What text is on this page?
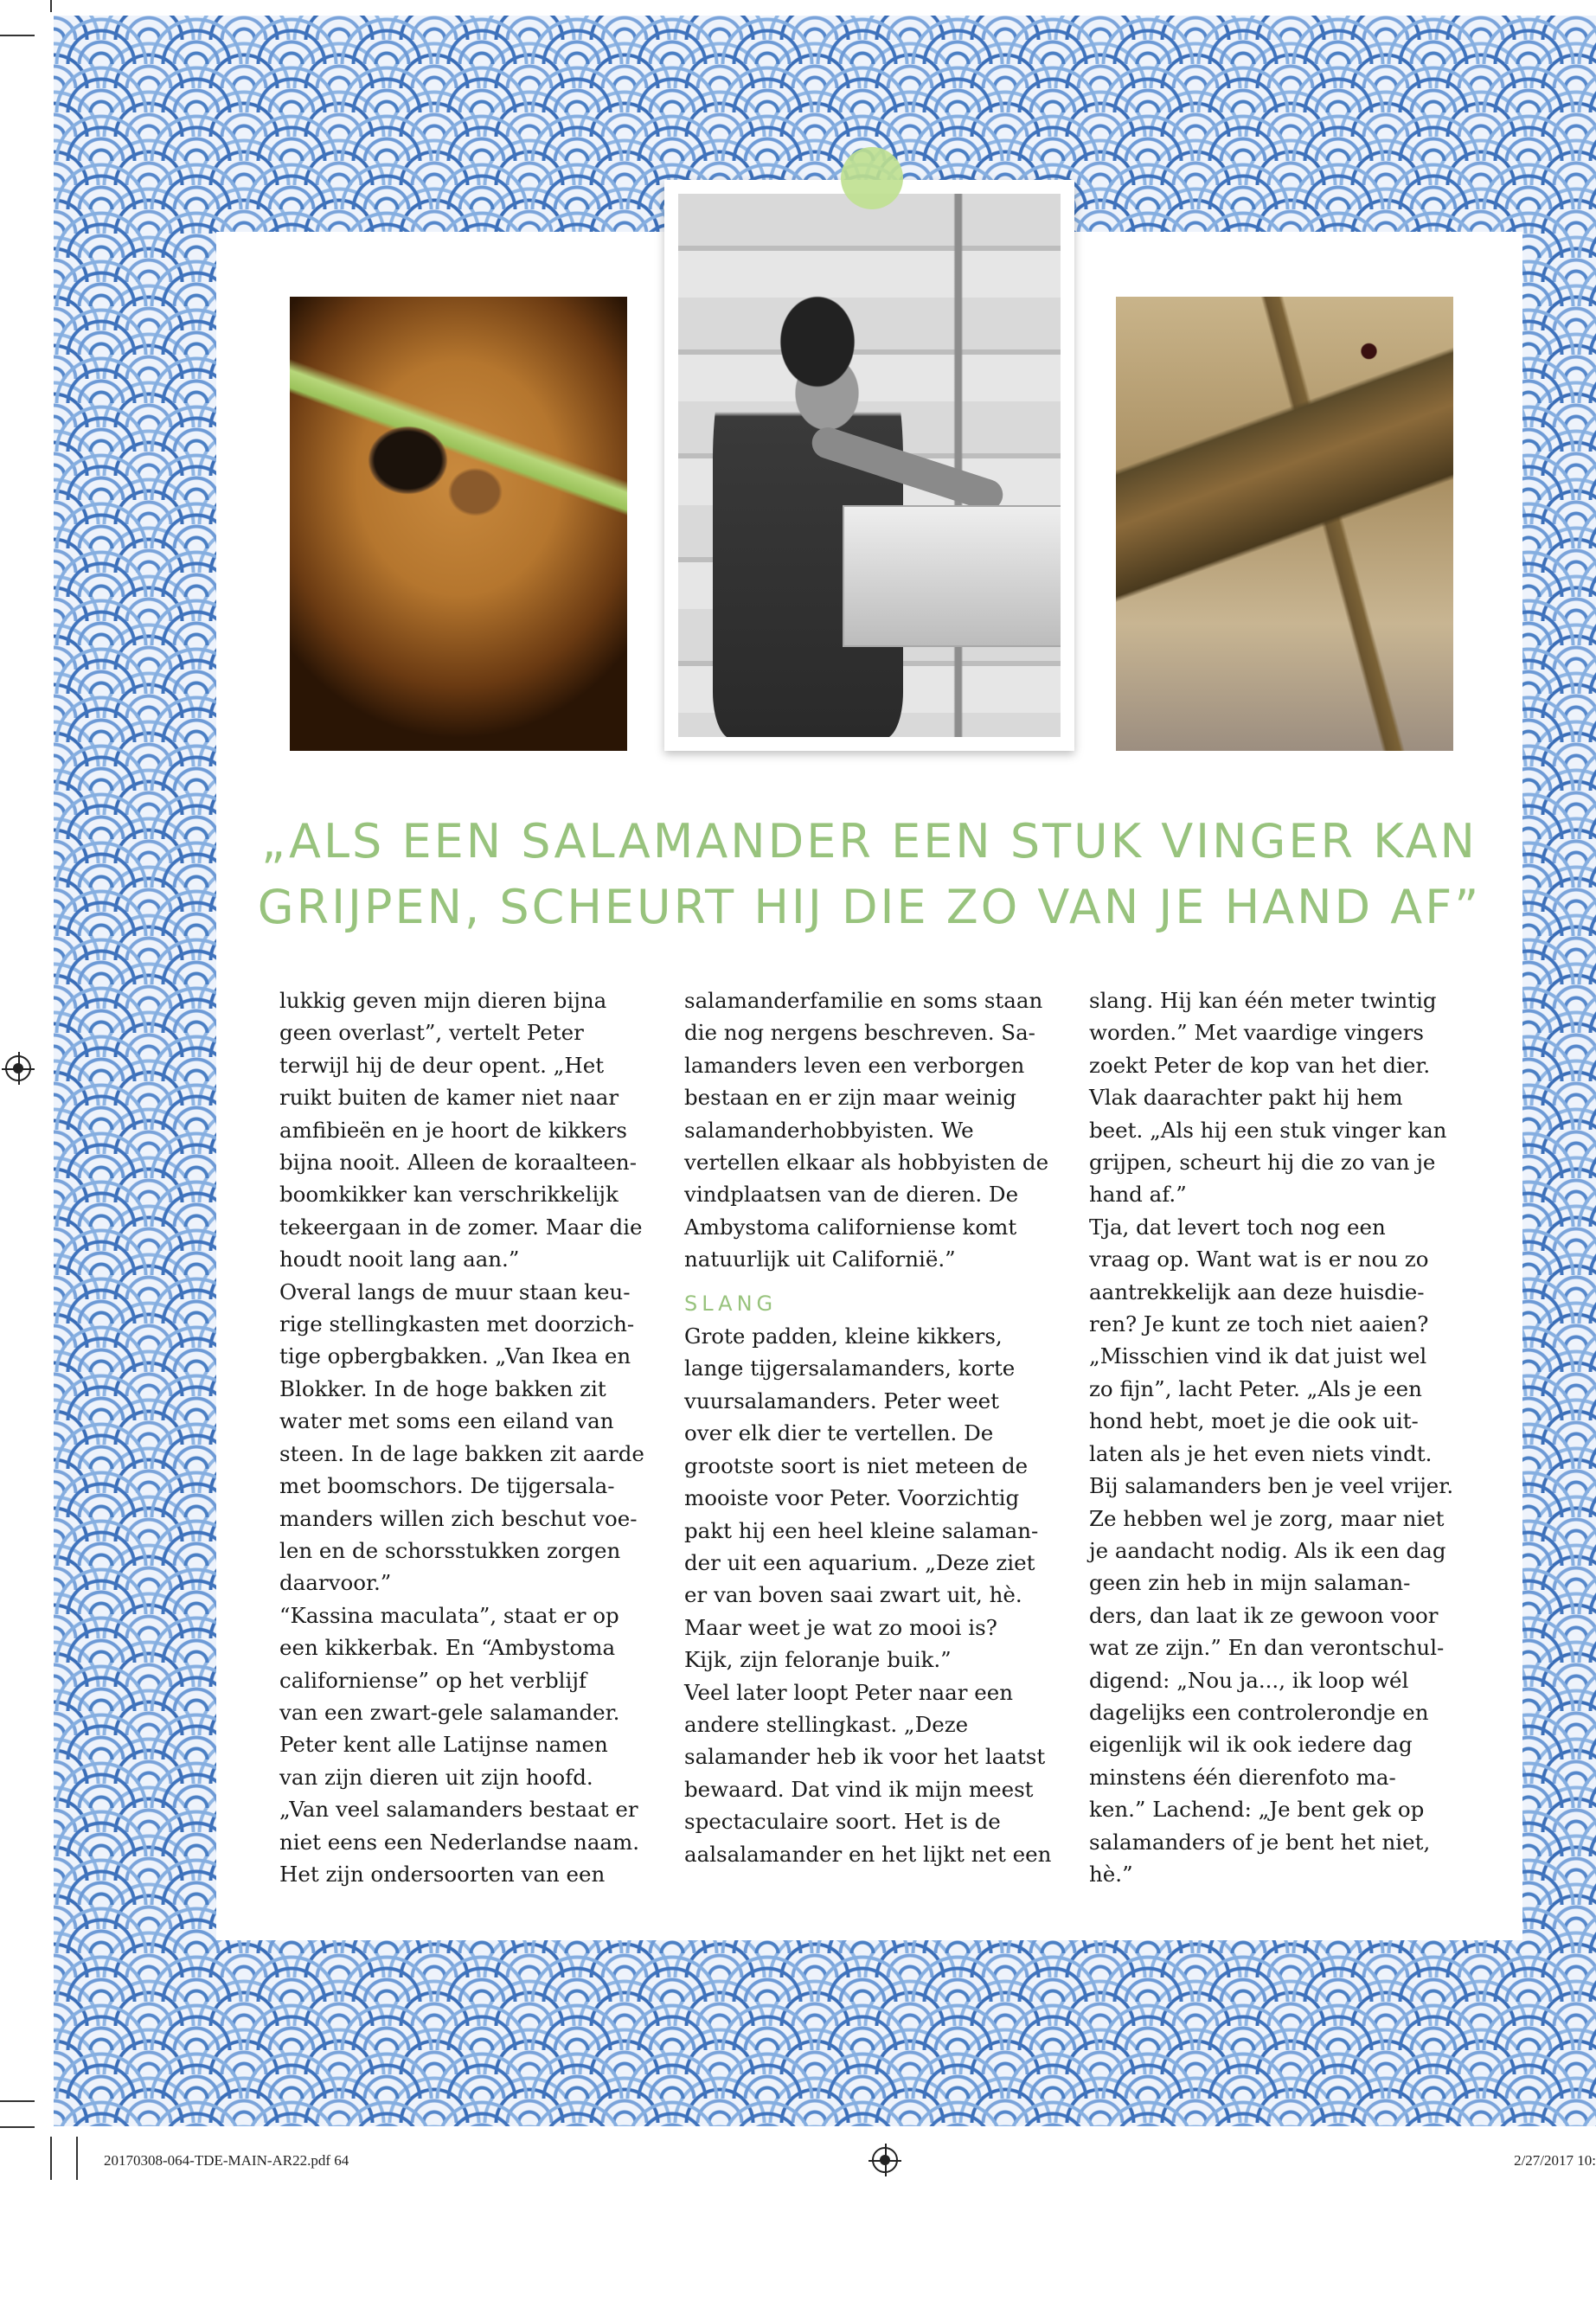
„ALS EEN SALAMANDER EEN STUK VINGER KAN
GRIJPEN, SCHEURT HIJ DIE ZO VAN JE HAND AF”
lukkig geven mijn dieren bijna
geen overlast”, vertelt Peter
terwijl hij de deur opent. „Het
ruikt buiten de kamer niet naar
amfibieën en je hoort de kikkers
bijna nooit. Alleen de koraalteen-
boomkikker kan verschrikkelijk
tekeergaan in de zomer. Maar die
houdt nooit lang aan.”
Overal langs de muur staan keu-
rige stellingkasten met doorzich-
tige opbergbakken. „Van Ikea en
Blokker. In de hoge bakken zit
water met soms een eiland van
steen. In de lage bakken zit aarde
met boomschors. De tijgersala-
manders willen zich beschut voe-
len en de schorsstukken zorgen
daarvoor.”
“Kassina maculata”, staat er op
een kikkerbak. En “Ambystoma
californiense” op het verblijf
van een zwart-gele salamander.
Peter kent alle Latijnse namen
van zijn dieren uit zijn hoofd.
„Van veel salamanders bestaat er
niet eens een Nederlandse naam.
Het zijn ondersoorten van een
salamanderfamilie en soms staan
die nog nergens beschreven. Sa-
lamanders leven een verborgen
bestaan en er zijn maar weinig
salamanderhobbyisten. We
vertellen elkaar als hobbyisten de
vindplaatsen van de dieren. De
Ambystoma californiense komt
natuurlijk uit Californië.”
SLANG
Grote padden, kleine kikkers,
lange tijgersalamanders, korte
vuursalamanders. Peter weet
over elk dier te vertellen. De
grootste soort is niet meteen de
mooiste voor Peter. Voorzichtig
pakt hij een heel kleine salaman-
der uit een aquarium. „Deze ziet
er van boven saai zwart uit, hè.
Maar weet je wat zo mooi is?
Kijk, zijn feloranje buik.”
Veel later loopt Peter naar een
andere stellingkast. „Deze
salamander heb ik voor het laatst
bewaard. Dat vind ik mijn meest
spectaculaire soort. Het is de
aalsalamander en het lijkt net een
slang. Hij kan één meter twintig
worden.” Met vaardige vingers
zoekt Peter de kop van het dier.
Vlak daarachter pakt hij hem
beet. „Als hij een stuk vinger kan
grijpen, scheurt hij die zo van je
hand af.”
Tja, dat levert toch nog een
vraag op. Want wat is er nou zo
aantrekkelijk aan deze huisdie-
ren? Je kunt ze toch niet aaien?
„Misschien vind ik dat juist wel
zo fijn”, lacht Peter. „Als je een
hond hebt, moet je die ook uit-
laten als je het even niets vindt.
Bij salamanders ben je veel vrijer.
Ze hebben wel je zorg, maar niet
je aandacht nodig. Als ik een dag
geen zin heb in mijn salaman-
ders, dan laat ik ze gewoon voor
wat ze zijn.” En dan verontschul-
digend: „Nou ja..., ik loop wél
dagelijks een controlerondje en
eigenlijk wil ik ook iedere dag
minstens één dierenfoto ma-
ken.” Lachend: „Je bent gek op
salamanders of je bent het niet,
hè.”
20170308-064-TDE-MAIN-AR22.pdf 64	2/27/2017 10:
